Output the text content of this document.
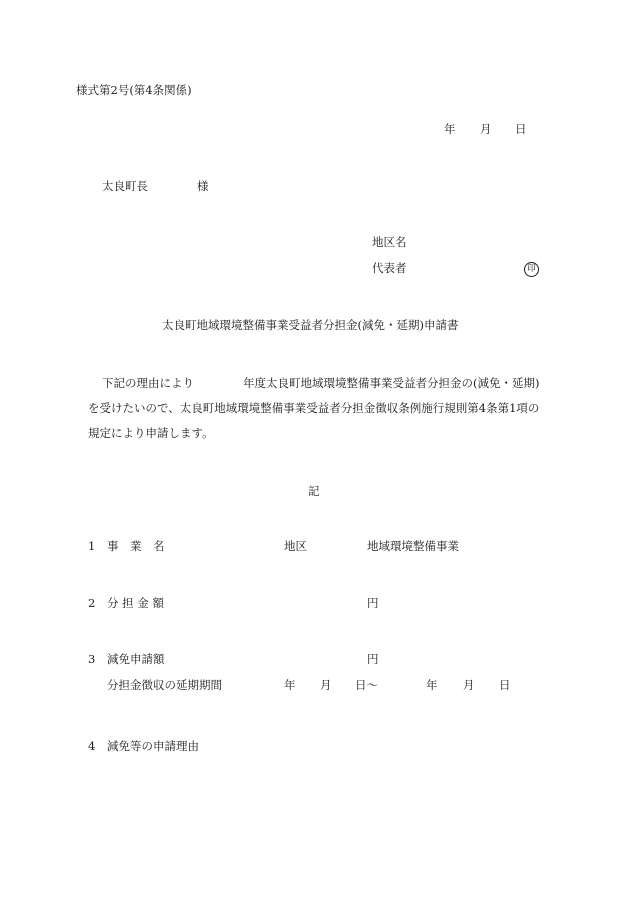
様式第2号(第4条関係)
年 月 日
太良町長	様
地区名
代表者	印
太良町地域環境整備事業受益者分担金(減免・延期)申請書
下記の理由により	年度太良町地域環境整備事業受益者分担金の(減免・延期)
を受けたいので、太良町地域環境整備事業受益者分担金徴収条例施行規則第4条第1項の
規定により申請します。
記
1 事　業　名	地区	地域環境整備事業
2 分 担 金 額	円
3 減免申請額	円
分担金徴収の延期期間	年 月 日〜	年 月 日
4 減免等の申請理由
